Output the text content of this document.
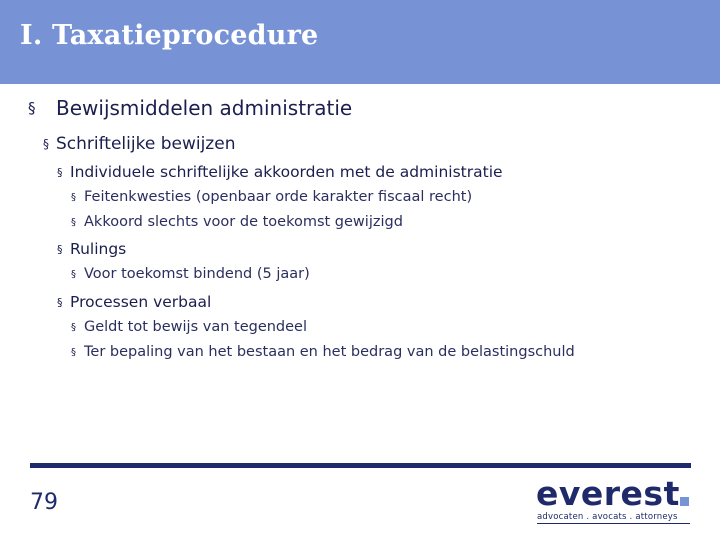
I. Taxatieprocedure
§ Bewijsmiddelen administratie
§ Schriftelijke bewijzen
§ Individuele schriftelijke akkoorden met de administratie
§ Feitenkwesties (openbaar orde karakter fiscaal recht)
§ Akkoord slechts voor de toekomst gewijzigd
§ Rulings
§ Voor toekomst bindend (5 jaar)
§ Processen verbaal
§ Geldt tot bewijs van tegendeel
§ Ter bepaling van het bestaan en het bedrag van de belastingschuld
79	everest
advocaten . avocats . attorneys
